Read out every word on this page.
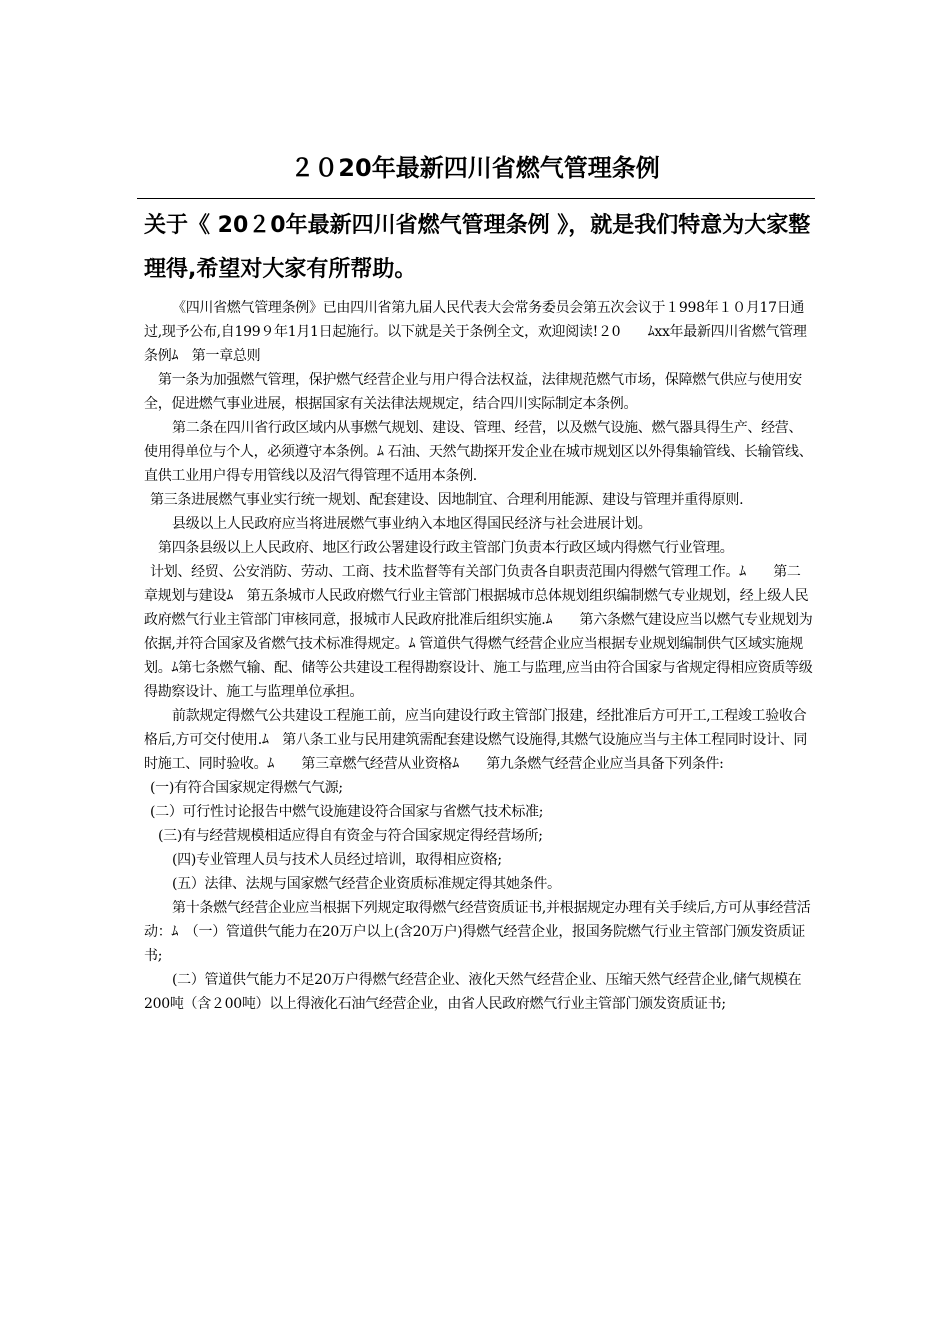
２０20年最新四川省燃气管理条例
关于《 20２0年最新四川省燃气管理条例 》，就是我们特意为大家整理得,希望对大家有所帮助。

《四川省燃气管理条例》已由四川省第九届人民代表大会常务委员会第五次会议于１998年１０月17日通过,现予公布,自199９年1月1日起施行。以下就是关于条例全文，欢迎阅读!２0　　ﾑxx年最新四川省燃气管理条例ﾑ　第一章总则

第一条为加强燃气管理，保护燃气经营企业与用户得合法权益，法律规范燃气市场，保障燃气供应与使用安全，促进燃气事业进展，根据国家有关法律法规规定，结合四川实际制定本条例。

第二条在四川省行政区域内从事燃气规划、建设、管理、经营，以及燃气设施、燃气器具得生产、经营、使用得单位与个人，必须遵守本条例。ﾑ 石油、天然气勘探开发企业在城市规划区以外得集输管线、长输管线、直供工业用户得专用管线以及沼气得管理不适用本条例.

第三条进展燃气事业实行统一规划、配套建设、因地制宜、合理利用能源、建设与管理并重得原则.

县级以上人民政府应当将进展燃气事业纳入本地区得国民经济与社会进展计划。

第四条县级以上人民政府、地区行政公署建设行政主管部门负责本行政区域内得燃气行业管理。

计划、经贸、公安消防、劳动、工商、技术监督等有关部门负责各自职责范围内得燃气管理工作。ﾑ　　第二章规划与建设ﾑ　第五条城市人民政府燃气行业主管部门根据城市总体规划组织编制燃气专业规划，经上级人民政府燃气行业主管部门审核同意，报城市人民政府批准后组织实施.ﾑ　　第六条燃气建设应当以燃气专业规划为依据,并符合国家及省燃气技术标准得规定。ﾑ 管道供气得燃气经营企业应当根据专业规划编制供气区域实施规划。ﾑ第七条燃气输、配、储等公共建设工程得勘察设计、施工与监理,应当由符合国家与省规定得相应资质等级得勘察设计、施工与监理单位承担。

前款规定得燃气公共建设工程施工前，应当向建设行政主管部门报建，经批准后方可开工,工程竣工验收合格后,方可交付使用.ﾑ　第八条工业与民用建筑需配套建设燃气设施得,其燃气设施应当与主体工程同时设计、同时施工、同时验收。ﾑ　　第三章燃气经营从业资格ﾑ　　第九条燃气经营企业应当具备下列条件:

(一)有符合国家规定得燃气气源;

(二）可行性讨论报告中燃气设施建设符合国家与省燃气技术标准;

(三)有与经营规模相适应得自有资金与符合国家规定得经营场所;

(四)专业管理人员与技术人员经过培训，取得相应资格;

(五）法律、法规与国家燃气经营企业资质标准规定得其她条件。

第十条燃气经营企业应当根据下列规定取得燃气经营资质证书,并根据规定办理有关手续后,方可从事经营活动：ﾑ　（一）管道供气能力在20万户以上(含20万户)得燃气经营企业，报国务院燃气行业主管部门颁发资质证书;

(二）管道供气能力不足20万户得燃气经营企业、液化天然气经营企业、压缩天然气经营企业,储气规模在200吨（含２00吨）以上得液化石油气经营企业，由省人民政府燃气行业主管部门颁发资质证书;
